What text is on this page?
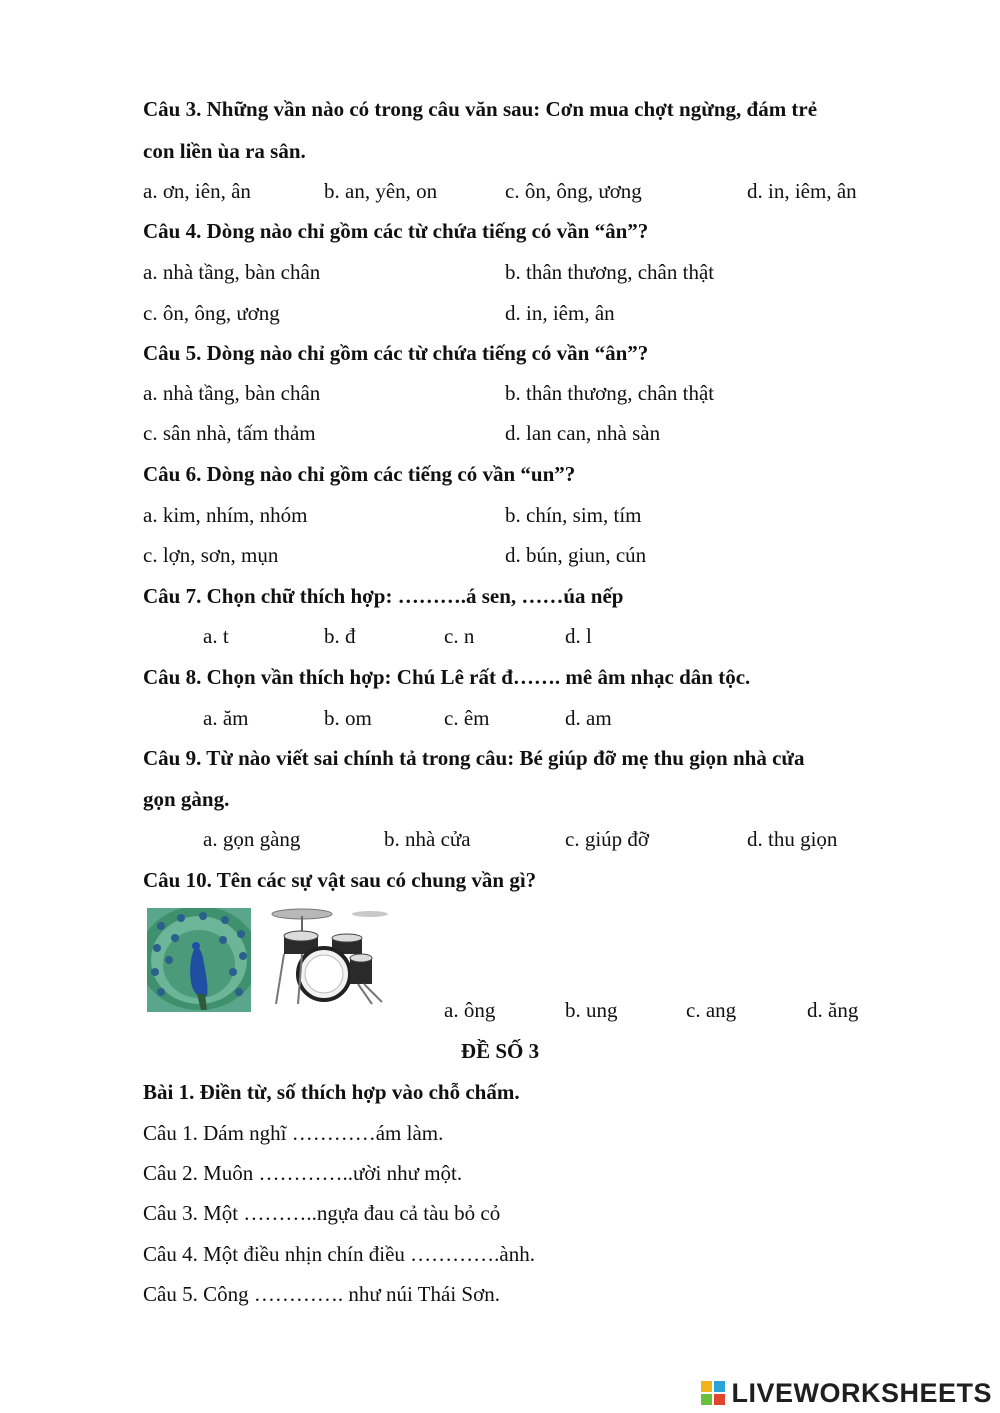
Câu 3. Những vần nào có trong câu văn sau: Cơn mua chợt ngừng, đám trẻ
con liền ùa ra sân.
a. ơn, iên, ân	b. an, yên, on	c. ôn, ông, ương	d. in, iêm, ân
Câu 4. Dòng nào chỉ gồm các từ chứa tiếng có vần “ân”?
a. nhà tầng, bàn chân	b. thân thương, chân thật
c. ôn, ông, ương	d. in, iêm, ân
Câu 5. Dòng nào chỉ gồm các từ chứa tiếng có vần “ân”?
a. nhà tầng, bàn chân	b. thân thương, chân thật
c. sân nhà, tấm thảm	d. lan can, nhà sàn
Câu 6. Dòng nào chỉ gồm các tiếng có vần “un”?
a. kim, nhím, nhóm	b. chín, sim, tím
c. lợn, sơn, mụn	d. bún, giun, cún
Câu 7. Chọn chữ thích hợp: ……….á sen, ……úa nếp
a. t	b. đ	c. n	d. l
Câu 8. Chọn vần thích hợp: Chú Lê rất đ……. mê âm nhạc dân tộc.
a. ăm	b. om	c. êm	d. am
Câu 9. Từ nào viết sai chính tả trong câu: Bé giúp đỡ mẹ thu giọn nhà cửa
gọn gàng.
a. gọn gàng	b. nhà cửa	c. giúp đỡ	d. thu giọn
Câu 10. Tên các sự vật sau có chung vần gì?
a. ông	b. ung	c. ang	d. ăng
ĐỀ SỐ 3
Bài 1. Điền từ, số thích hợp vào chỗ chấm.
Câu 1. Dám nghĩ …………ám làm.
Câu 2. Muôn …………..ười như một.
Câu 3. Một ………..ngựa đau cả tàu bỏ cỏ
Câu 4. Một điều nhịn chín điều ………….ành.
Câu 5. Công …………. như núi Thái Sơn.
LIVEWORKSHEETS
